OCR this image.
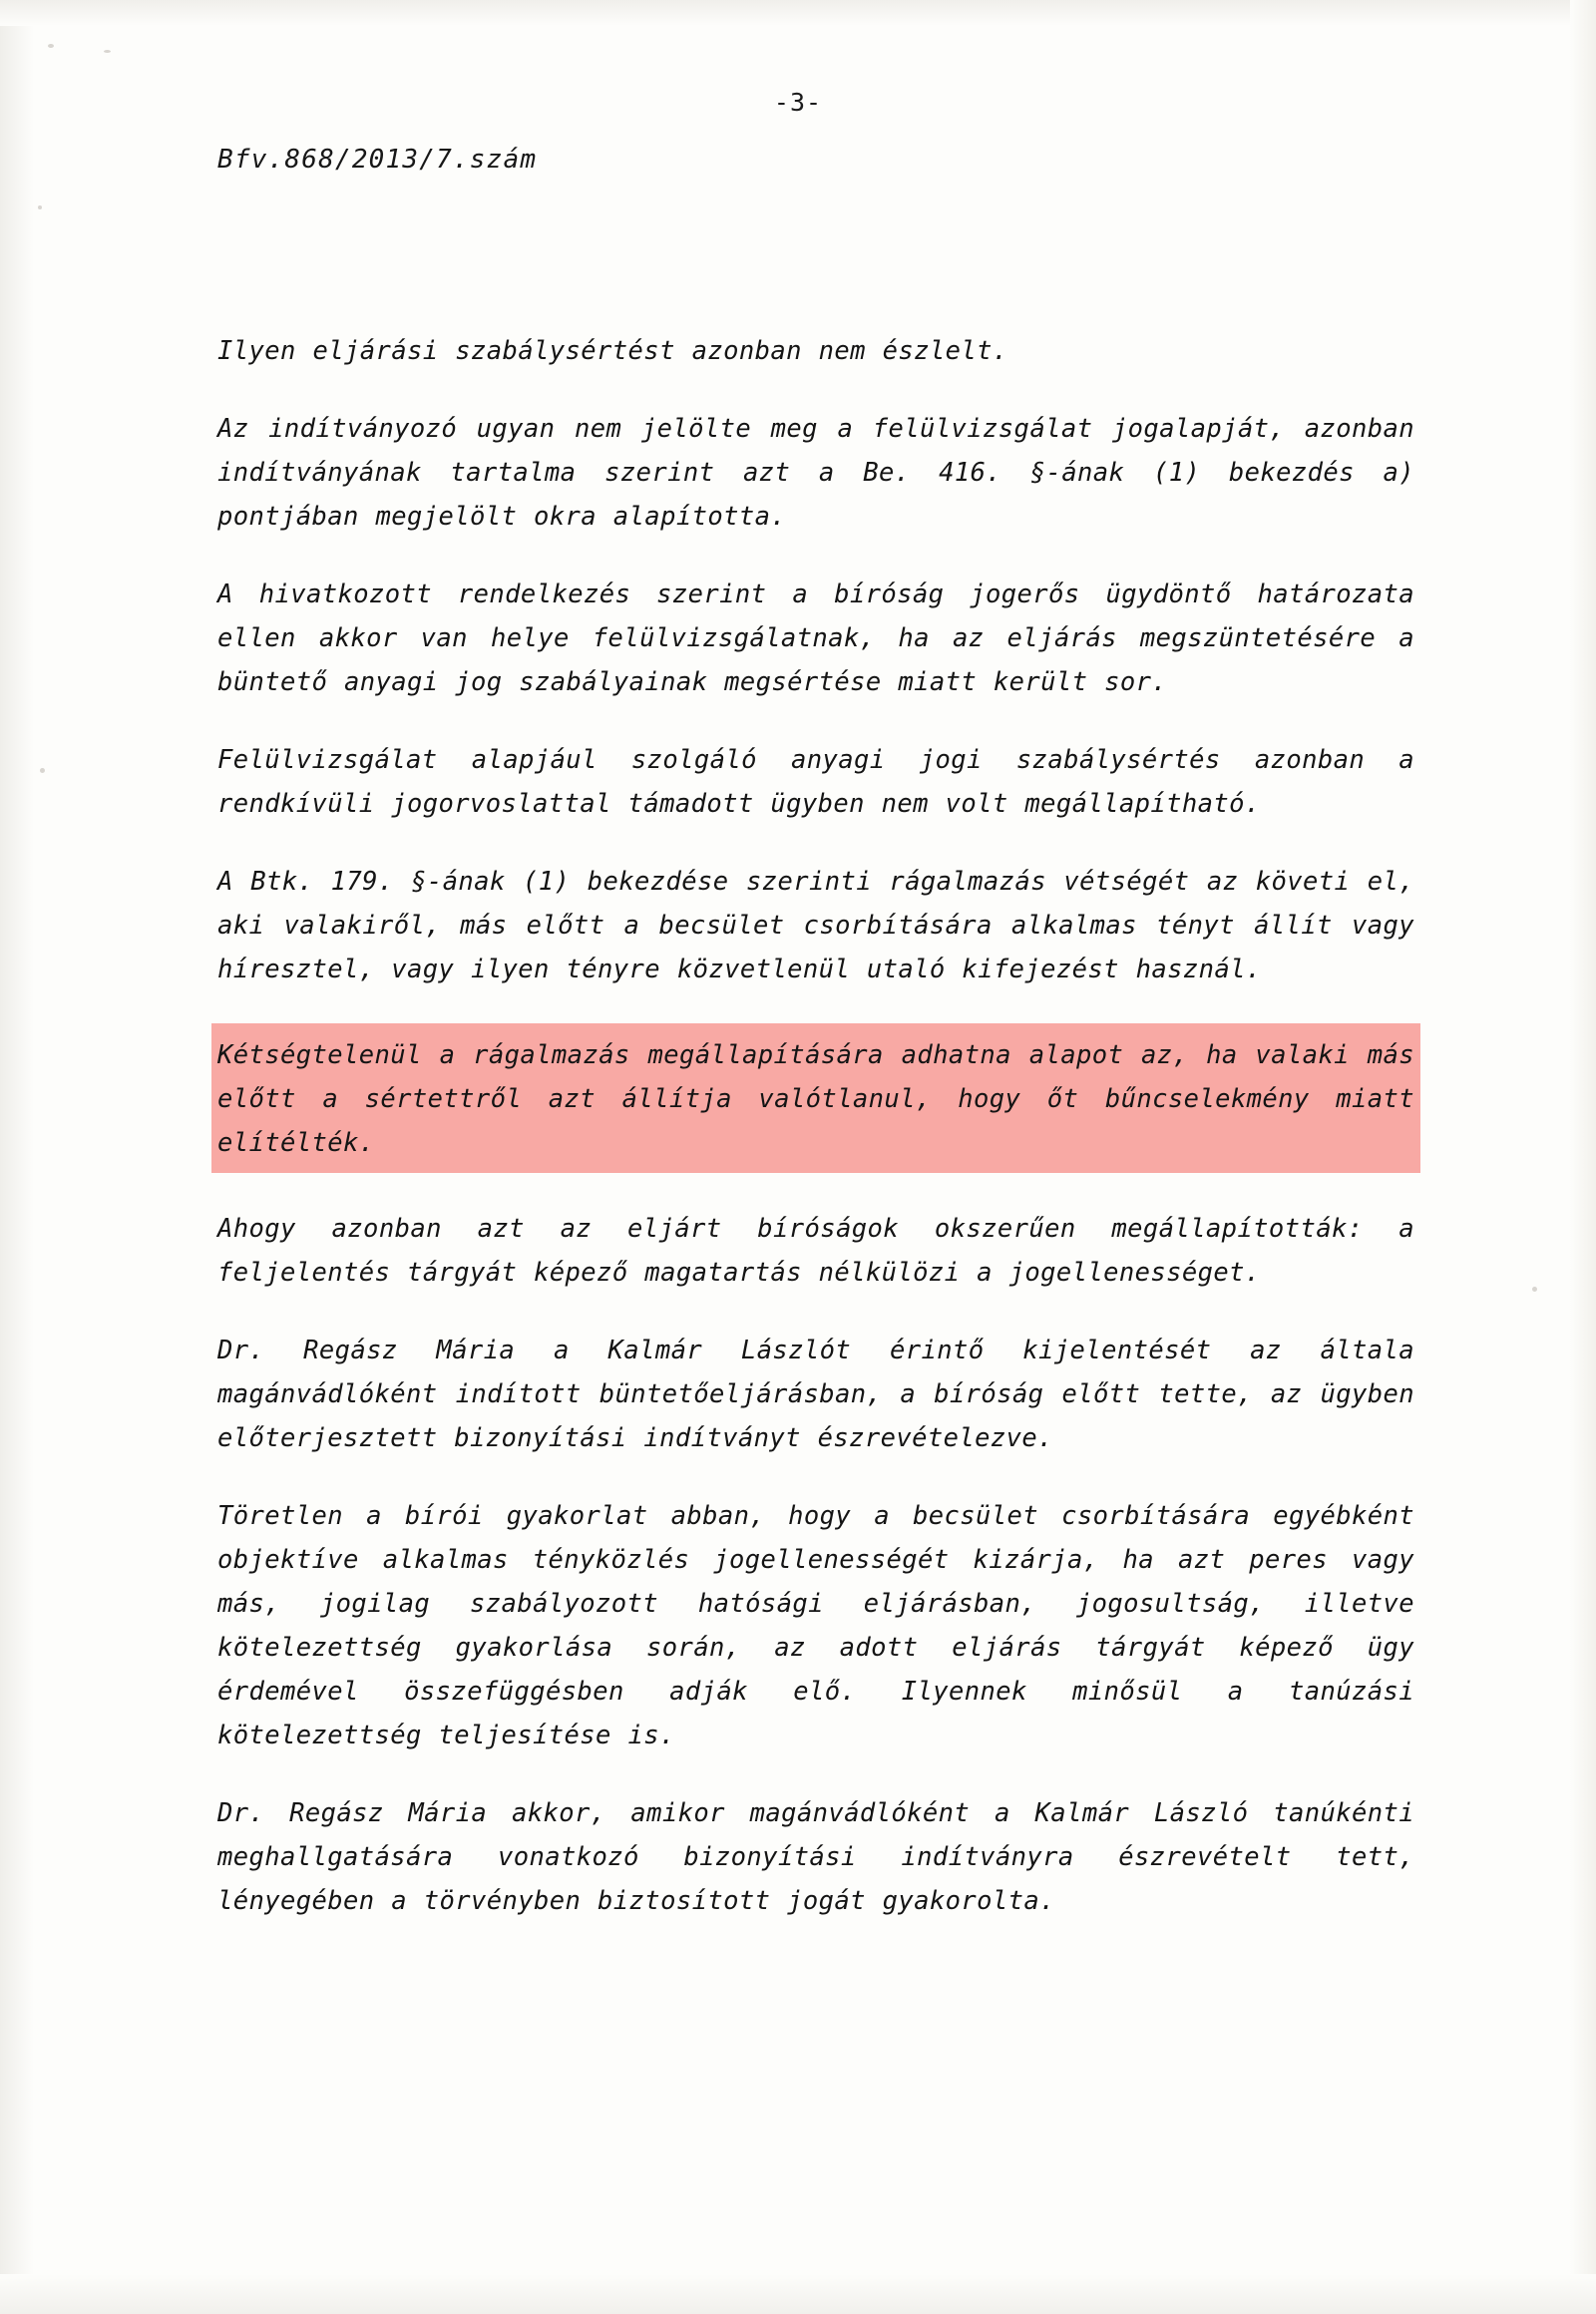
-3-
Bfv.868/2013/7.szám

Ilyen eljárási szabálysértést azonban nem észlelt.

Az indítványozó ugyan nem jelölte meg a felülvizsgálat jogalapját, azonban indítványának tartalma szerint azt a Be. 416. §-ának (1) bekezdés a) pontjában megjelölt okra alapította.

A hivatkozott rendelkezés szerint a bíróság jogerős ügydöntő határozata ellen akkor van helye felülvizsgálatnak, ha az eljárás megszüntetésére a büntető anyagi jog szabályainak megsértése miatt került sor.

Felülvizsgálat alapjául szolgáló anyagi jogi szabálysértés azonban a rendkívüli jogorvoslattal támadott ügyben nem volt megállapítható.

A Btk. 179. §-ának (1) bekezdése szerinti rágalmazás vétségét az követi el, aki valakiről, más előtt a becsület csorbítására alkalmas tényt állít vagy híresztel, vagy ilyen tényre közvetlenül utaló kifejezést használ.

Kétségtelenül a rágalmazás megállapítására adhatna alapot az, ha valaki más előtt a sértettről azt állítja valótlanul, hogy őt bűncselekmény miatt elítélték.

Ahogy azonban azt az eljárt bíróságok okszerűen megállapították: a feljelentés tárgyát képező magatartás nélkülözi a jogellenességet.

Dr. Regász Mária a Kalmár Lászlót érintő kijelentését az általa magánvádlóként indított büntetőeljárásban, a bíróság előtt tette, az ügyben előterjesztett bizonyítási indítványt észrevételezve.

Töretlen a bírói gyakorlat abban, hogy a becsület csorbítására egyébként objektíve alkalmas tényközlés jogellenességét kizárja, ha azt peres vagy más, jogilag szabályozott hatósági eljárásban, jogosultság, illetve kötelezettség gyakorlása során, az adott eljárás tárgyát képező ügy érdemével összefüggésben adják elő. Ilyennek minősül a tanúzási kötelezettség teljesítése is.

Dr. Regász Mária akkor, amikor magánvádlóként a Kalmár László tanúkénti meghallgatására vonatkozó bizonyítási indítványra észrevételt tett, lényegében a törvényben biztosított jogát gyakorolta.
